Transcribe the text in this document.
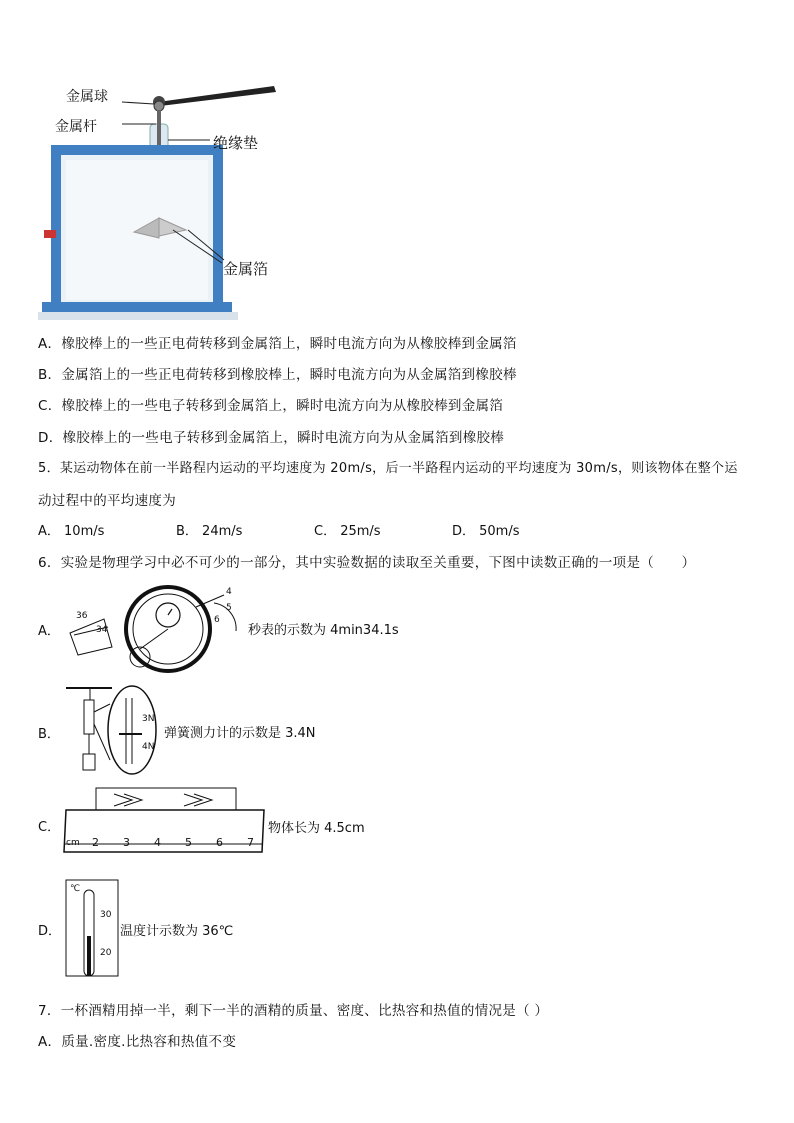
金属球
金属杆
绝缘垫
金属箔
A．橡胶棒上的一些正电荷转移到金属箔上，瞬时电流方向为从橡胶棒到金属箔
B．金属箔上的一些正电荷转移到橡胶棒上，瞬时电流方向为从金属箔到橡胶棒
C．橡胶棒上的一些电子转移到金属箔上，瞬时电流方向为从橡胶棒到金属箔
D．橡胶棒上的一些电子转移到金属箔上，瞬时电流方向为从金属箔到橡胶棒
5．某运动物体在前一半路程内运动的平均速度为 20m/s，后一半路程内运动的平均速度为 30m/s，则该物体在整个运
动过程中的平均速度为
A． 10m/s	B． 24m/s	C． 25m/s	D． 50m/s
6．实验是物理学习中必不可少的一部分，其中实验数据的读取至关重要，下图中读数正确的一项是（　　）
A．
36
34
4
5
6
秒表的示数为 4min34.1s
B．
3N
4N
弹簧测力计的示数是 3.4N
C．
cm 2 3 4 5 6 7
物体长为 4.5cm
D．
℃
30
20
温度计示数为 36℃
7．一杯酒精用掉一半，剩下一半的酒精的质量、密度、比热容和热值的情况是（ ）
A．质量.密度.比热容和热值不变
